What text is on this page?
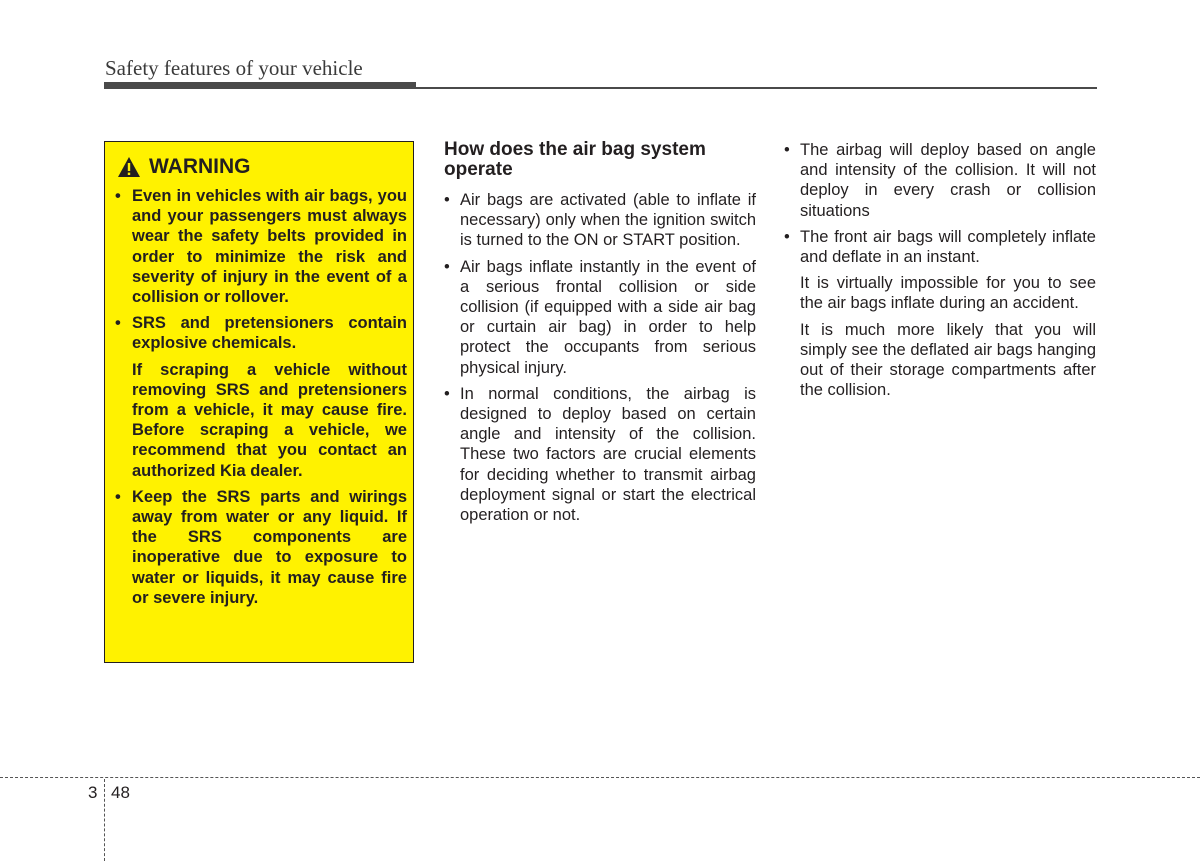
Safety features of your vehicle
WARNING
• Even in vehicles with air bags, you and your passengers must always wear the safety belts provided in order to minimize the risk and severity of injury in the event of a collision or rollover.
• SRS and pretensioners contain explosive chemicals.
If scraping a vehicle without removing SRS and pretensioners from a vehicle, it may cause fire. Before scraping a vehicle, we recommend that you contact an authorized Kia dealer.
• Keep the SRS parts and wirings away from water or any liquid. If the SRS components are inoperative due to exposure to water or liquids, it may cause fire or severe injury.
How does the air bag system operate
• Air bags are activated (able to inflate if necessary) only when the ignition switch is turned to the ON or START position.
• Air bags inflate instantly in the event of a serious frontal collision or side collision (if equipped with a side air bag or curtain air bag) in order to help protect the occupants from serious physical injury.
• In normal conditions, the airbag is designed to deploy based on certain angle and intensity of the collision. These two factors are crucial elements for deciding whether to transmit airbag deployment signal or start the electrical operation or not.
• The airbag will deploy based on angle and intensity of the collision. It will not deploy in every crash or collision situations
• The front air bags will completely inflate and deflate in an instant.
It is virtually impossible for you to see the air bags inflate during an accident.
It is much more likely that you will simply see the deflated air bags hanging out of their storage compartments after the collision.
3 48
